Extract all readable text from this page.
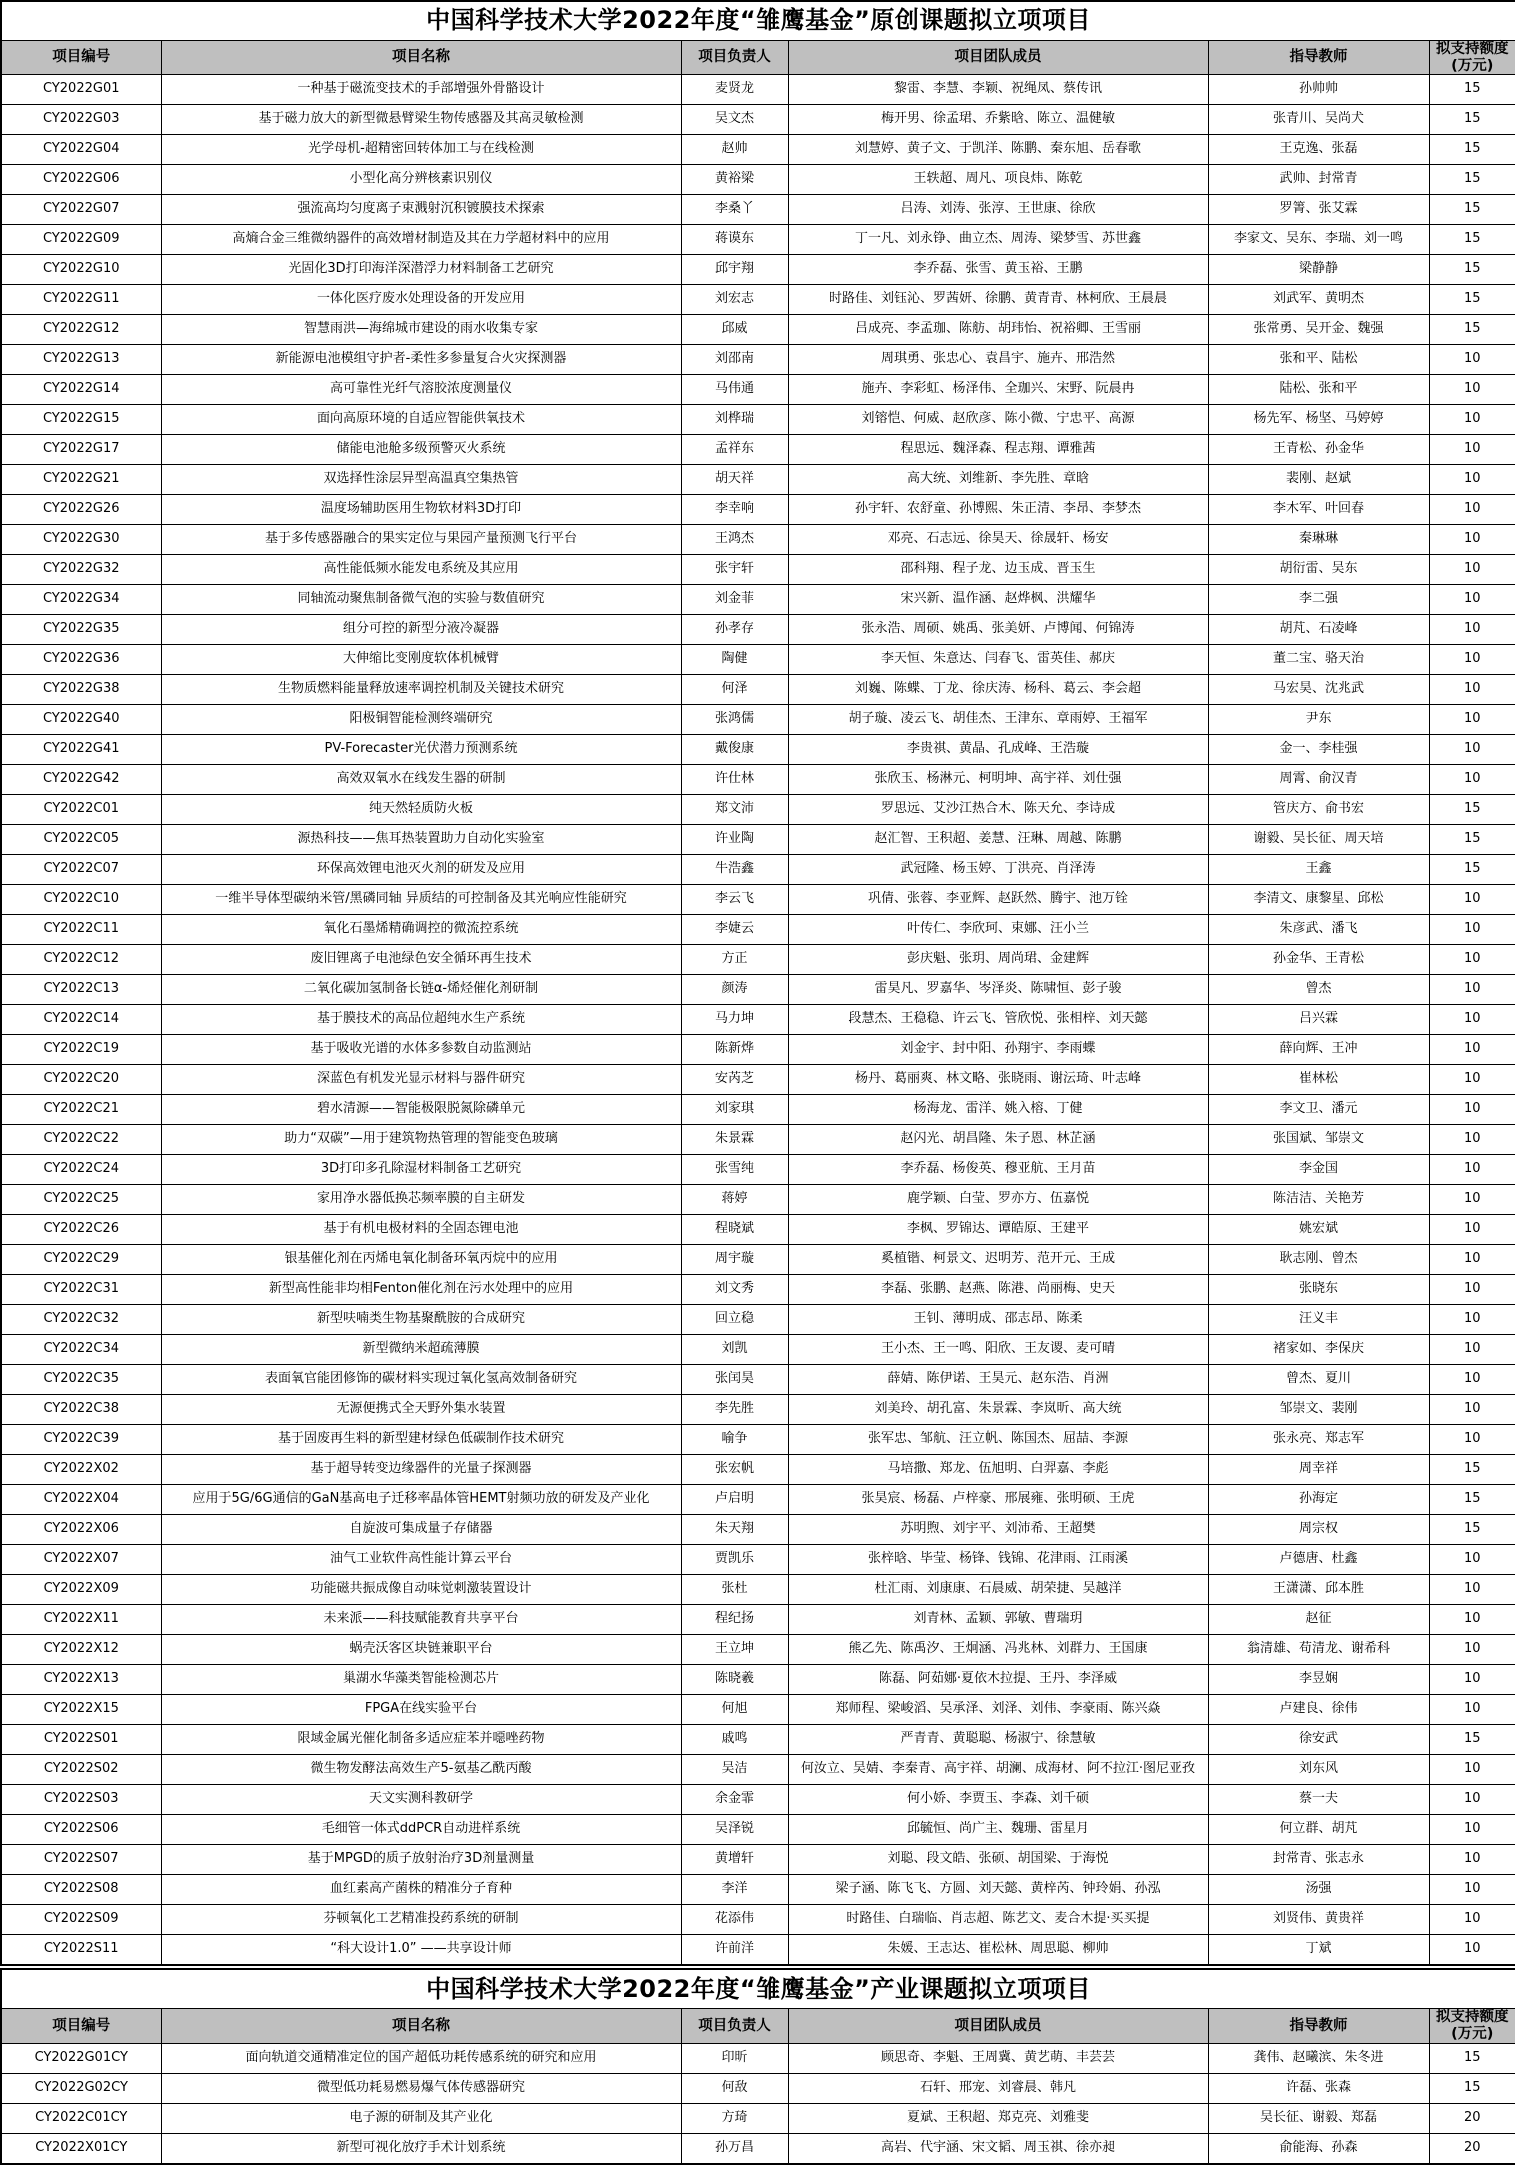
中国科学技术大学2022年度“雏鹰基金”原创课题拟立项项目					
项目编号	项目名称	项目负责人	项目团队成员	指导教师	拟支持额度(万元)
CY2022G01	一种基于磁流变技术的手部增强外骨骼设计	麦贤龙	黎雷、李慧、李颖、祝绳凤、蔡传讯	孙帅帅	15
CY2022G03	基于磁力放大的新型微悬臂梁生物传感器及其高灵敏检测	吴文杰	梅开男、徐孟珺、乔紫晗、陈立、温健敏	张青川、吴尚犬	15
CY2022G04	光学母机-超精密回转体加工与在线检测	赵帅	刘慧婷、黄子文、于凯洋、陈鹏、秦东旭、岳春歌	王克逸、张磊	15
CY2022G06	小型化高分辨核素识别仪	黄裕梁	王轶超、周凡、项良炜、陈乾	武帅、封常青	15
CY2022G07	强流高均匀度离子束溅射沉积镀膜技术探索	李桑丫	吕涛、刘涛、张淳、王世康、徐欣	罗箐、张艾霖	15
CY2022G09	高熵合金三维微纳器件的高效增材制造及其在力学超材料中的应用	蒋谟东	丁一凡、刘永铮、曲立杰、周涛、梁梦雪、苏世鑫	李家文、吴东、李瑞、刘一鸣	15
CY2022G10	光固化3D打印海洋深潜浮力材料制备工艺研究	邱宇翔	李乔磊、张雪、黄玉裕、王鹏	梁静静	15
CY2022G11	一体化医疗废水处理设备的开发应用	刘宏志	时路佳、刘钰沁、罗茜妍、徐鹏、黄青青、林柯欣、王晨晨	刘武军、黄明杰	15
CY2022G12	智慧雨洪—海绵城市建设的雨水收集专家	邱威	吕成亮、李孟珈、陈舫、胡玮怡、祝裕卿、王雪丽	张常勇、吴开金、魏强	15
CY2022G13	新能源电池模组守护者-柔性多参量复合火灾探测器	刘邵南	周琪勇、张忠心、袁昌宇、施卉、邢浩然	张和平、陆松	10
CY2022G14	高可靠性光纤气溶胶浓度测量仪	马伟通	施卉、李彩虹、杨泽伟、全珈兴、宋野、阮晨冉	陆松、张和平	10
CY2022G15	面向高原环境的自适应智能供氧技术	刘桦瑞	刘镕恺、何威、赵欣彦、陈小微、宁忠平、高源	杨先军、杨坚、马婷婷	10
CY2022G17	储能电池舱多级预警灭火系统	孟祥东	程思远、魏泽森、程志翔、谭雅茜	王青松、孙金华	10
CY2022G21	双选择性涂层异型高温真空集热管	胡天祥	高大统、刘维新、李先胜、章晗	裴刚、赵斌	10
CY2022G26	温度场辅助医用生物软材料3D打印	李幸响	孙宇轩、农舒童、孙博熙、朱正清、李昂、李梦杰	李木军、叶回春	10
CY2022G30	基于多传感器融合的果实定位与果园产量预测飞行平台	王鸿杰	邓亮、石志远、徐昊天、徐晟轩、杨安	秦琳琳	10
CY2022G32	高性能低频水能发电系统及其应用	张宇轩	邵科翔、程子龙、边玉成、晋玉生	胡衍雷、吴东	10
CY2022G34	同轴流动聚焦制备微气泡的实验与数值研究	刘金菲	宋兴新、温作涵、赵烨枫、洪耀华	李二强	10
CY2022G35	组分可控的新型分液冷凝器	孙孝存	张永浩、周硕、姚禹、张美妍、卢博闻、何锦涛	胡芃、石凌峰	10
CY2022G36	大伸缩比变刚度软体机械臂	陶健	李天恒、朱意达、闫春飞、雷英佳、郝庆	董二宝、骆天治	10
CY2022G38	生物质燃料能量释放速率调控机制及关键技术研究	何泽	刘巍、陈蝶、丁龙、徐庆涛、杨科、葛云、李会超	马宏昊、沈兆武	10
CY2022G40	阳极铜智能检测终端研究	张鸿儒	胡子璇、凌云飞、胡佳杰、王津东、章雨婷、王福军	尹东	10
CY2022G41	PV-Forecaster光伏潜力预测系统	戴俊康	李贵祺、黄晶、孔成峰、王浩璇	金一、李桂强	10
CY2022G42	高效双氧水在线发生器的研制	许仕林	张欣玉、杨淋元、柯明坤、高宇祥、刘仕强	周霄、俞汉青	10
CY2022C01	纯天然轻质防火板	郑文沛	罗思远、艾沙江热合木、陈天允、李诗成	管庆方、俞书宏	15
CY2022C05	源热科技——焦耳热装置助力自动化实验室	许业陶	赵汇智、王积超、姜慧、汪琳、周越、陈鹏	谢毅、吴长征、周天培	15
CY2022C07	环保高效锂电池灭火剂的研发及应用	牛浩鑫	武冠隆、杨玉婷、丁洪亮、肖泽涛	王鑫	15
CY2022C10	一维半导体型碳纳米管/黑磷同轴 异质结的可控制备及其光响应性能研究	李云飞	巩倩、张蓉、李亚辉、赵跃然、腾宇、池万铨	李清文、康黎星、邱松	10
CY2022C11	氧化石墨烯精确调控的微流控系统	李婕云	叶传仁、李欣珂、束娜、汪小兰	朱彦武、潘飞	10
CY2022C12	废旧锂离子电池绿色安全循环再生技术	方正	彭庆魁、张玥、周尚珺、金建辉	孙金华、王青松	10
CY2022C13	二氧化碳加氢制备长链α-烯烃催化剂研制	颜涛	雷昊凡、罗嘉华、岑泽炎、陈啸恒、彭子骏	曾杰	10
CY2022C14	基于膜技术的高品位超纯水生产系统	马力坤	段慧杰、王稳稳、许云飞、管欣悦、张相梓、刘天懿	吕兴霖	10
CY2022C19	基于吸收光谱的水体多参数自动监测站	陈新烨	刘金宇、封中阳、孙翔宇、李雨蝶	薛向辉、王冲	10
CY2022C20	深蓝色有机发光显示材料与器件研究	安芮芝	杨丹、葛丽爽、林文略、张晓雨、谢沄琦、叶志峰	崔林松	10
CY2022C21	碧水清源——智能极限脱氮除磷单元	刘家琪	杨海龙、雷洋、姚入榕、丁健	李文卫、潘元	10
CY2022C22	助力“双碳”—用于建筑物热管理的智能变色玻璃	朱景霖	赵闪光、胡昌隆、朱子恩、林芷涵	张国斌、邹崇文	10
CY2022C24	3D打印多孔除湿材料制备工艺研究	张雪纯	李乔磊、杨俊英、穆亚航、王月苗	李金国	10
CY2022C25	家用净水器低换芯频率膜的自主研发	蒋婷	鹿学颖、白莹、罗亦方、伍嘉悦	陈洁洁、关艳芳	10
CY2022C26	基于有机电极材料的全固态锂电池	程晓斌	李枫、罗锦达、谭皓原、王建平	姚宏斌	10
CY2022C29	银基催化剂在丙烯电氧化制备环氧丙烷中的应用	周宇璇	奚植锴、柯景文、迟明芳、范开元、王成	耿志刚、曾杰	10
CY2022C31	新型高性能非均相Fenton催化剂在污水处理中的应用	刘文秀	李磊、张鹏、赵燕、陈港、尚丽梅、史天	张晓东	10
CY2022C32	新型呋喃类生物基聚酰胺的合成研究	回立稳	王钊、薄明成、邵志昂、陈柔	汪义丰	10
CY2022C34	新型微纳米超疏薄膜	刘凯	王小杰、王一鸣、阳欣、王友谡、麦可晴	褚家如、李保庆	10
CY2022C35	表面氧官能团修饰的碳材料实现过氧化氢高效制备研究	张闰昊	薛婧、陈伊诺、王昊元、赵东浩、肖洲	曾杰、夏川	10
CY2022C38	无源便携式全天野外集水装置	李先胜	刘美玲、胡孔富、朱景霖、李岚昕、高大统	邹崇文、裴刚	10
CY2022C39	基于固废再生料的新型建材绿色低碳制作技术研究	喻争	张军忠、邹航、汪立帆、陈国杰、屈喆、李源	张永亮、郑志军	10
CY2022X02	基于超导转变边缘器件的光量子探测器	张宏帆	马培撒、郑龙、伍旭明、白羿嘉、李彪	周幸祥	15
CY2022X04	应用于5G/6G通信的GaN基高电子迁移率晶体管HEMT射频功放的研发及产业化	卢启明	张昊宸、杨磊、卢梓豪、邢展雍、张明硕、王虎	孙海定	15
CY2022X06	自旋波可集成量子存储器	朱天翔	苏明煦、刘宇平、刘沛希、王超樊	周宗权	15
CY2022X07	油气工业软件高性能计算云平台	贾凯乐	张梓晗、毕莹、杨锋、钱锦、花津雨、江雨溪	卢德唐、杜鑫	10
CY2022X09	功能磁共振成像自动味觉刺激装置设计	张杜	杜汇雨、刘康康、石晨威、胡荣捷、吴越洋	王潇潇、邱本胜	10
CY2022X11	未来派——科技赋能教育共享平台	程纪扬	刘青林、孟颖、郭敏、曹瑞玥	赵征	10
CY2022X12	蜗壳沃客区块链兼职平台	王立坤	熊乙先、陈禹汐、王炯涵、冯兆林、刘群力、王国康	翁清雄、苟清龙、谢希科	10
CY2022X13	巢湖水华藻类智能检测芯片	陈晓羲	陈磊、阿茹娜·夏依木拉提、王丹、李泽威	李昱娴	10
CY2022X15	FPGA在线实验平台	何旭	郑师程、梁峻滔、吴承泽、刘泽、刘伟、李豪雨、陈兴焱	卢建良、徐伟	10
CY2022S01	限域金属光催化制备多适应症苯并噁唑药物	戚鸣	严青青、黄聪聪、杨淑宁、徐慧敏	徐安武	15
CY2022S02	微生物发酵法高效生产5-氨基乙酰丙酸	吴洁	何汝立、吴婧、李秦青、高宇祥、胡澜、成海材、阿不拉江·图尼亚孜	刘东风	10
CY2022S03	天文实测科教研学	余金霏	何小娇、李贾玉、李森、刘千硕	蔡一夫	10
CY2022S06	毛细管一体式ddPCR自动进样系统	吴泽锐	邱毓恒、尚广主、魏珊、雷星月	何立群、胡芃	10
CY2022S07	基于MPGD的质子放射治疗3D剂量测量	黄增轩	刘聪、段文皓、张硕、胡国梁、于海悦	封常青、张志永	10
CY2022S08	血红素高产菌株的精准分子育种	李洋	梁子涵、陈飞飞、方圆、刘天懿、黄梓芮、钟玲娟、孙泓	汤强	10
CY2022S09	芬顿氧化工艺精准投药系统的研制	花添伟	时路佳、白瑞临、肖志超、陈艺文、麦合木提·买买提	刘贤伟、黄贵祥	10
CY2022S11	“科大设计1.0” ——共享设计师	许前洋	朱媛、王志达、崔松林、周思聪、柳帅	丁斌	10
中国科学技术大学2022年度“雏鹰基金”产业课题拟立项项目					
项目编号	项目名称	项目负责人	项目团队成员	指导教师	拟支持额度(万元)
CY2022G01CY	面向轨道交通精准定位的国产超低功耗传感系统的研究和应用	印昕	顾思奇、李魁、王周冀、黄艺萌、丰芸芸	龚伟、赵曦滨、朱冬进	15
CY2022G02CY	微型低功耗易燃易爆气体传感器研究	何敌	石轩、邢宠、刘睿晨、韩凡	许磊、张森	15
CY2022C01CY	电子源的研制及其产业化	方琦	夏斌、王积超、郑克亮、刘雅斐	吴长征、谢毅、郑磊	20
CY2022X01CY	新型可视化放疗手术计划系统	孙万昌	高岩、代宇涵、宋文韬、周玉祺、徐亦昶	俞能海、孙森	20
